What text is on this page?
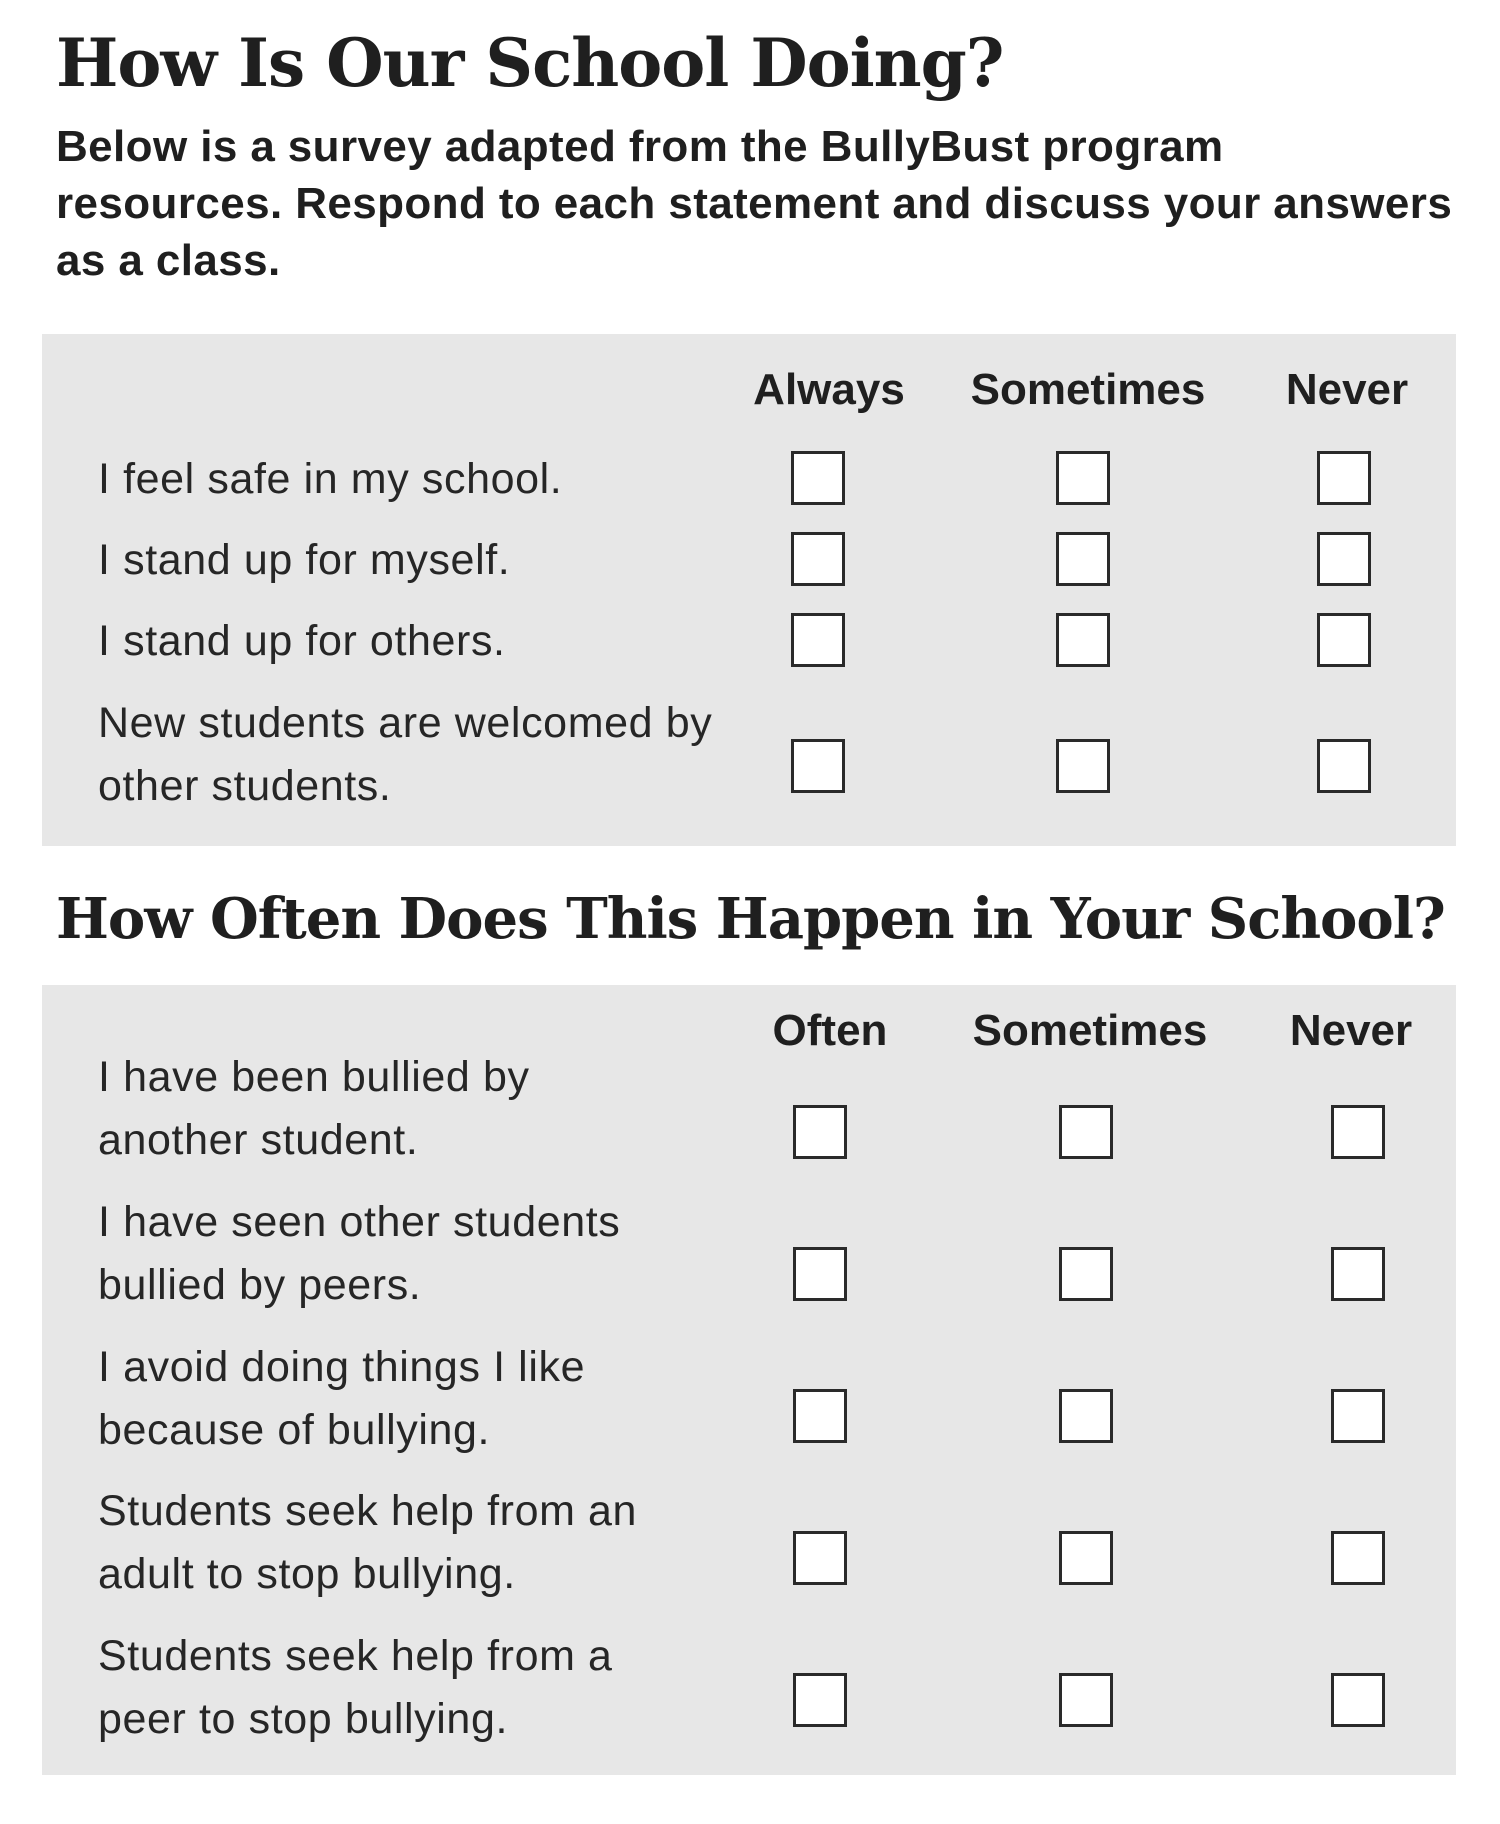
How Is Our School Doing?

Below is a survey adapted from the BullyBust program resources. Respond to each statement and discuss your answers as a class.

Always	Sometimes	Never
I feel safe in my school.
I stand up for myself.
I stand up for others.
New students are welcomed by other students.
How Often Does This Happen in Your School?
Often	Sometimes	Never
I have been bullied by another student.
I have seen other students bullied by peers.
I avoid doing things I like because of bullying.
Students seek help from an adult to stop bullying.
Students seek help from a peer to stop bullying.
